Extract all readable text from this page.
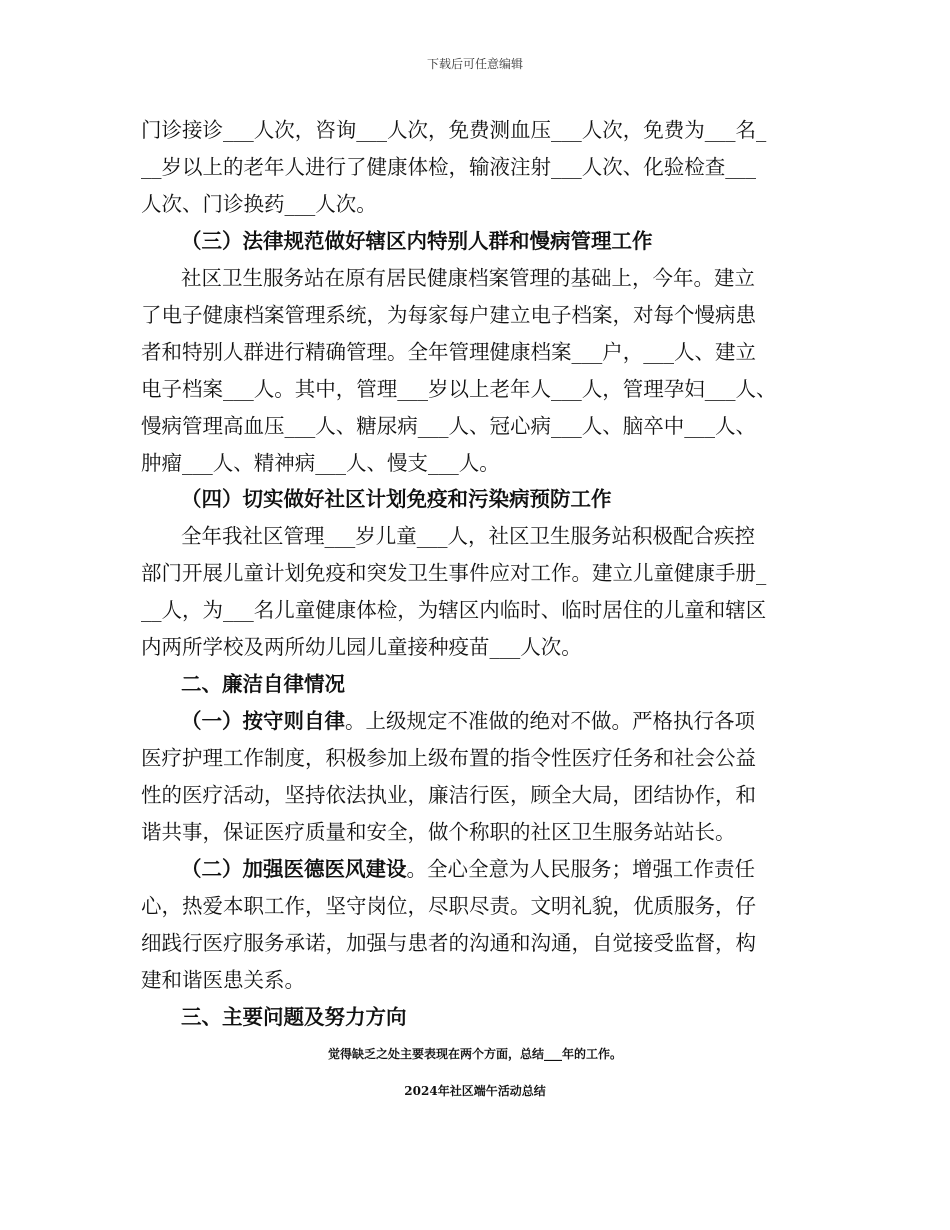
下载后可任意编辑
门诊接诊___人次，咨询___人次，免费测血压___人次，免费为___名_
__岁以上的老年人进行了健康体检，输液注射___人次、化验检查___
人次、门诊换药___人次。
（三）法律规范做好辖区内特别人群和慢病管理工作
社区卫生服务站在原有居民健康档案管理的基础上，今年。建立
了电子健康档案管理系统，为每家每户建立电子档案，对每个慢病患
者和特别人群进行精确管理。全年管理健康档案___户，___人、建立
电子档案___人。其中，管理___岁以上老年人___人，管理孕妇___人、
慢病管理高血压___人、糖尿病___人、冠心病___人、脑卒中___人、
肿瘤___人、精神病___人、慢支___人。
（四）切实做好社区计划免疫和污染病预防工作
全年我社区管理___岁儿童___人，社区卫生服务站积极配合疾控
部门开展儿童计划免疫和突发卫生事件应对工作。建立儿童健康手册_
__人，为___名儿童健康体检，为辖区内临时、临时居住的儿童和辖区
内两所学校及两所幼儿园儿童接种疫苗___人次。
二、廉洁自律情况
（一）按守则自律。上级规定不准做的绝对不做。严格执行各项
医疗护理工作制度，积极参加上级布置的指令性医疗任务和社会公益
性的医疗活动，坚持依法执业，廉洁行医，顾全大局，团结协作，和
谐共事，保证医疗质量和安全，做个称职的社区卫生服务站站长。
（二）加强医德医风建设。全心全意为人民服务；增强工作责任
心，热爱本职工作，坚守岗位，尽职尽责。文明礼貌，优质服务，仔
细践行医疗服务承诺，加强与患者的沟通和沟通，自觉接受监督，构
建和谐医患关系。
三、主要问题及努力方向
觉得缺乏之处主要表现在两个方面，总结___年的工作。
2024年社区端午活动总结
